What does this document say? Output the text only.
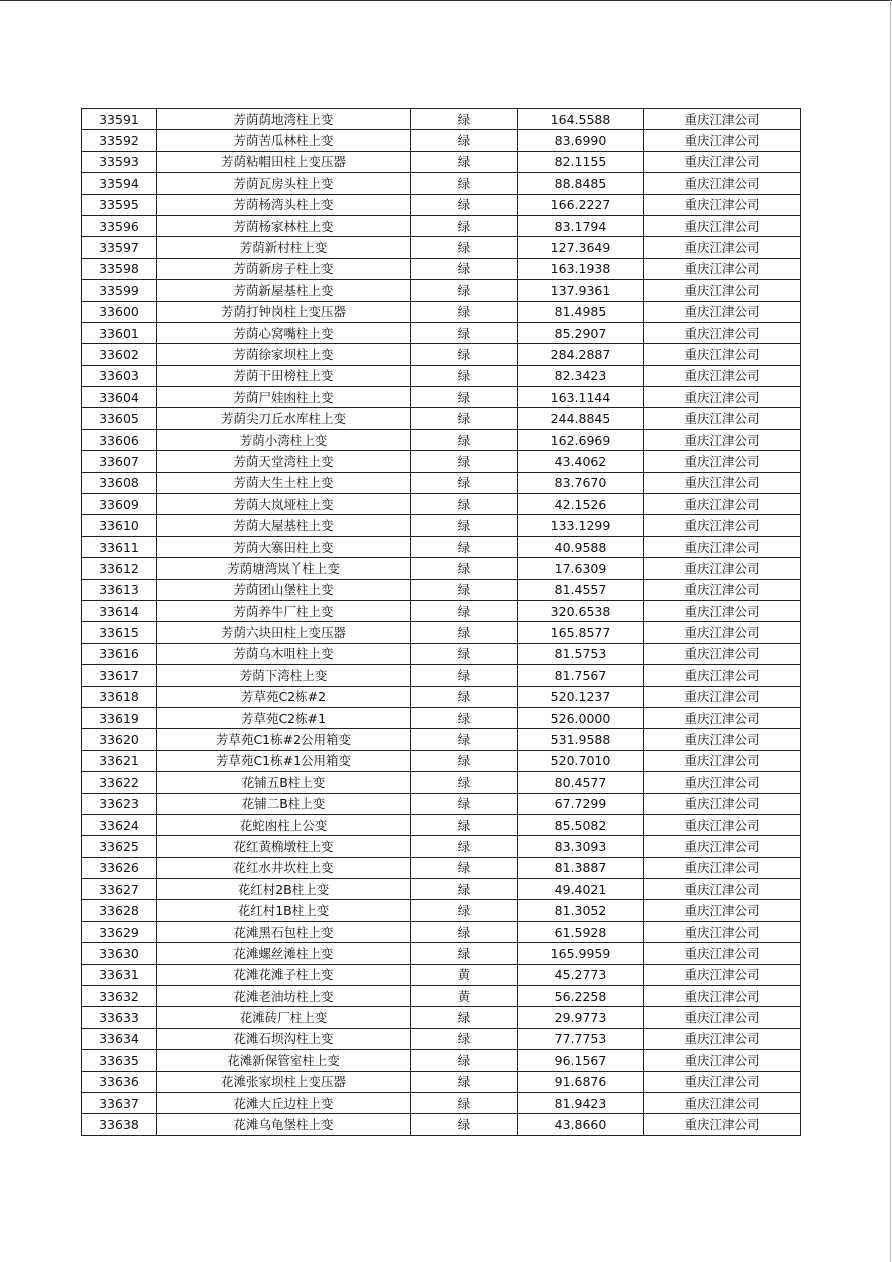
33591	芳荫荫地湾柱上变	绿	164.5588	重庆江津公司
33592	芳荫苦瓜林柱上变	绿	83.6990	重庆江津公司
33593	芳荫粘帽田柱上变压器	绿	82.1155	重庆江津公司
33594	芳荫瓦房头柱上变	绿	88.8485	重庆江津公司
33595	芳荫杨湾头柱上变	绿	166.2227	重庆江津公司
33596	芳荫杨家林柱上变	绿	83.1794	重庆江津公司
33597	芳荫新村柱上变	绿	127.3649	重庆江津公司
33598	芳荫新房子柱上变	绿	163.1938	重庆江津公司
33599	芳荫新屋基柱上变	绿	137.9361	重庆江津公司
33600	芳荫打钟岗柱上变压器	绿	81.4985	重庆江津公司
33601	芳荫心窝嘴柱上变	绿	85.2907	重庆江津公司
33602	芳荫徐家坝柱上变	绿	284.2887	重庆江津公司
33603	芳荫干田榜柱上变	绿	82.3423	重庆江津公司
33604	芳荫尸娃凼柱上变	绿	163.1144	重庆江津公司
33605	芳荫尖刀丘水库柱上变	绿	244.8845	重庆江津公司
33606	芳荫小湾柱上变	绿	162.6969	重庆江津公司
33607	芳荫天堂湾柱上变	绿	43.4062	重庆江津公司
33608	芳荫大生土柱上变	绿	83.7670	重庆江津公司
33609	芳荫大岚垭柱上变	绿	42.1526	重庆江津公司
33610	芳荫大屋基柱上变	绿	133.1299	重庆江津公司
33611	芳荫大寨田柱上变	绿	40.9588	重庆江津公司
33612	芳荫塘湾岚丫柱上变	绿	17.6309	重庆江津公司
33613	芳荫团山堡柱上变	绿	81.4557	重庆江津公司
33614	芳荫养牛厂柱上变	绿	320.6538	重庆江津公司
33615	芳荫六块田柱上变压器	绿	165.8577	重庆江津公司
33616	芳荫乌木咀柱上变	绿	81.5753	重庆江津公司
33617	芳荫下湾柱上变	绿	81.7567	重庆江津公司
33618	芳草苑C2栋#2	绿	520.1237	重庆江津公司
33619	芳草苑C2栋#1	绿	526.0000	重庆江津公司
33620	芳草苑C1栋#2公用箱变	绿	531.9588	重庆江津公司
33621	芳草苑C1栋#1公用箱变	绿	520.7010	重庆江津公司
33622	花铺五B柱上变	绿	80.4577	重庆江津公司
33623	花铺二B柱上变	绿	67.7299	重庆江津公司
33624	花蛇凼柱上公变	绿	85.5082	重庆江津公司
33625	花红黄桷墩柱上变	绿	83.3093	重庆江津公司
33626	花红水井坎柱上变	绿	81.3887	重庆江津公司
33627	花红村2B柱上变	绿	49.4021	重庆江津公司
33628	花红村1B柱上变	绿	81.3052	重庆江津公司
33629	花滩黑石包柱上变	绿	61.5928	重庆江津公司
33630	花滩螺丝滩柱上变	绿	165.9959	重庆江津公司
33631	花滩花滩子柱上变	黄	45.2773	重庆江津公司
33632	花滩老油坊柱上变	黄	56.2258	重庆江津公司
33633	花滩砖厂柱上变	绿	29.9773	重庆江津公司
33634	花滩石坝沟柱上变	绿	77.7753	重庆江津公司
33635	花滩新保管室柱上变	绿	96.1567	重庆江津公司
33636	花滩张家坝柱上变压器	绿	91.6876	重庆江津公司
33637	花滩大丘边柱上变	绿	81.9423	重庆江津公司
33638	花滩乌龟堡柱上变	绿	43.8660	重庆江津公司
